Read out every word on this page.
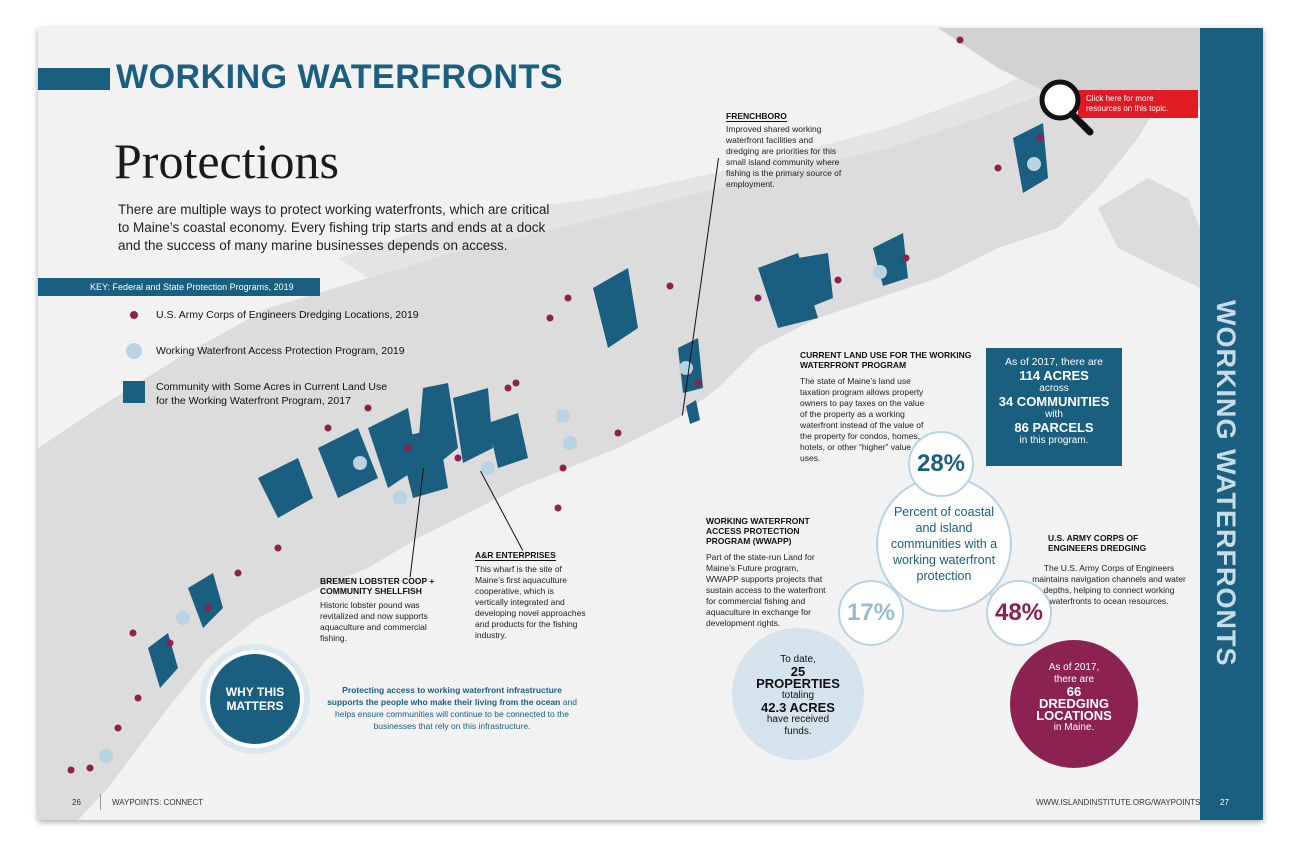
WORKING WATERFRONTS
Protections
There are multiple ways to protect working waterfronts, which are critical to Maine’s coastal economy. Every fishing trip starts and ends at a dock and the success of many marine businesses depends on access.
KEY: Federal and State Protection Programs, 2019
U.S. Army Corps of Engineers Dredging Locations, 2019
Working Waterfront Access Protection Program, 2019
Community with Some Acres in Current Land Use for the Working Waterfront Program, 2017
FRENCHBORO
Improved shared working waterfront facilities and dredging are priorities for this small island community where fishing is the primary source of employment.
BREMEN LOBSTER COOP + COMMUNITY SHELLFISH
Historic lobster pound was revitalized and now supports aquaculture and commercial fishing.
A&R ENTERPRISES
This wharf is the site of Maine’s first aquaculture cooperative, which is vertically integrated and developing novel approaches and products for the fishing industry.
WHY THIS MATTERS
Protecting access to working waterfront infrastructure supports the people who make their living from the ocean and helps ensure communities will continue to be connected to the businesses that rely on this infrastructure.
26	WAYPOINTS: CONNECT	WWW.ISLANDINSTITUTE.ORG/WAYPOINTS
CURRENT LAND USE FOR THE WORKING WATERFRONT PROGRAM
The state of Maine’s land use taxation program allows property owners to pay taxes on the value of the property as a working waterfront instead of the value of the property for condos, homes, hotels, or other “higher” value uses.
As of 2017, there are
114 ACRES
across
34 COMMUNITIES
with
86 PARCELS
in this program.
Percent of coastal and island communities with a working waterfront protection
28%
17%	48%
WORKING WATERFRONT ACCESS PROTECTION PROGRAM (WWAPP)
Part of the state-run Land for Maine’s Future program, WWAPP supports projects that sustain access to the waterfront for commercial fishing and aquaculture in exchange for development rights.
To date,
25
PROPERTIES
totaling
42.3 ACRES
have received
funds.
U.S. ARMY CORPS OF ENGINEERS DREDGING
The U.S. Army Corps of Engineers maintains navigation channels and water depths, helping to connect working waterfronts to ocean resources.
As of 2017,
there are
66
DREDGING
LOCATIONS
in Maine.
WORKING WATERFRONTS
27
Click here for more resources on this topic.
